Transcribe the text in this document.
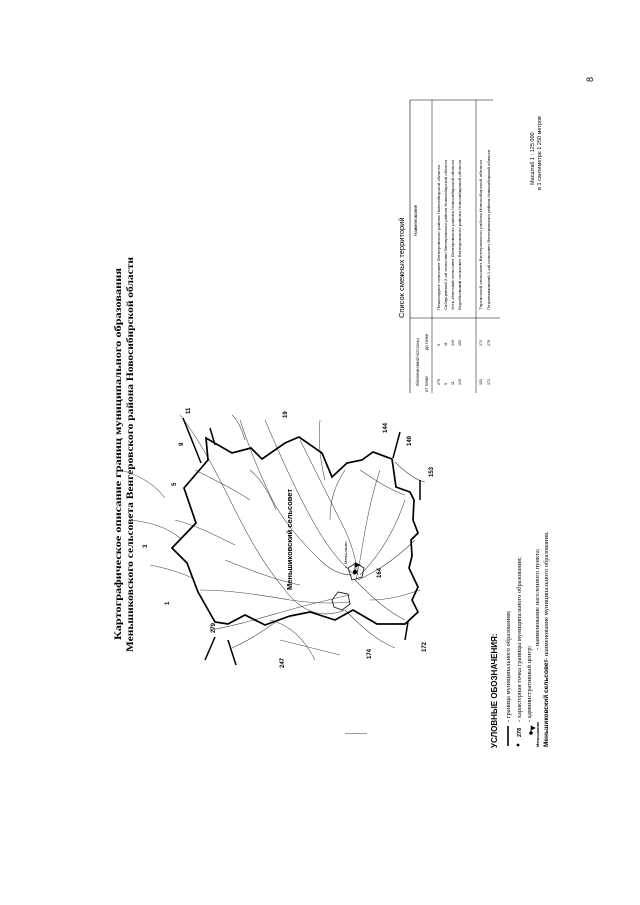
8
Картографическое описание границ муниципального образования Меньшиковского сельсовета Венгеровского района Новосибирской области	Меньшиковский сельсовет	с. Меньшиково
1
3
5
9
11
19
144
149
153
164
172
174
247
279
Список смежных территорий
Обозначение смежной части границы от точки
до точки
Наименование
279
9
Пешеходное сельсовет Венгеровского района Новосибирской области
9
11
Сибирцевский 2-ой сельсовет Венгеровского района Новосибирской области
11
149
Усть-Изесский сельсовет Венгеровского района Новосибирской области
149
153
Воробьевский сельсовет Венгеровского района Новосибирской области
153
172
Тартасский сельсовет Венгеровского района Новосибирской области
172
279
Петропавловский 1-ый сельсовет Венгеровского района Новосибирской области
Масштаб 1 : 125 000 в 1 сантиметре 1 250 метров
УСЛОВНЫЕ ОБОЗНАЧЕНИЯ: - граница муниципального образования;
278
- характерная точка границы муниципального образования; - административный центр;
Меньшиково
- наименование населенного пункта;
Меньшиковский сельсовет
- наименование муниципального образования.
